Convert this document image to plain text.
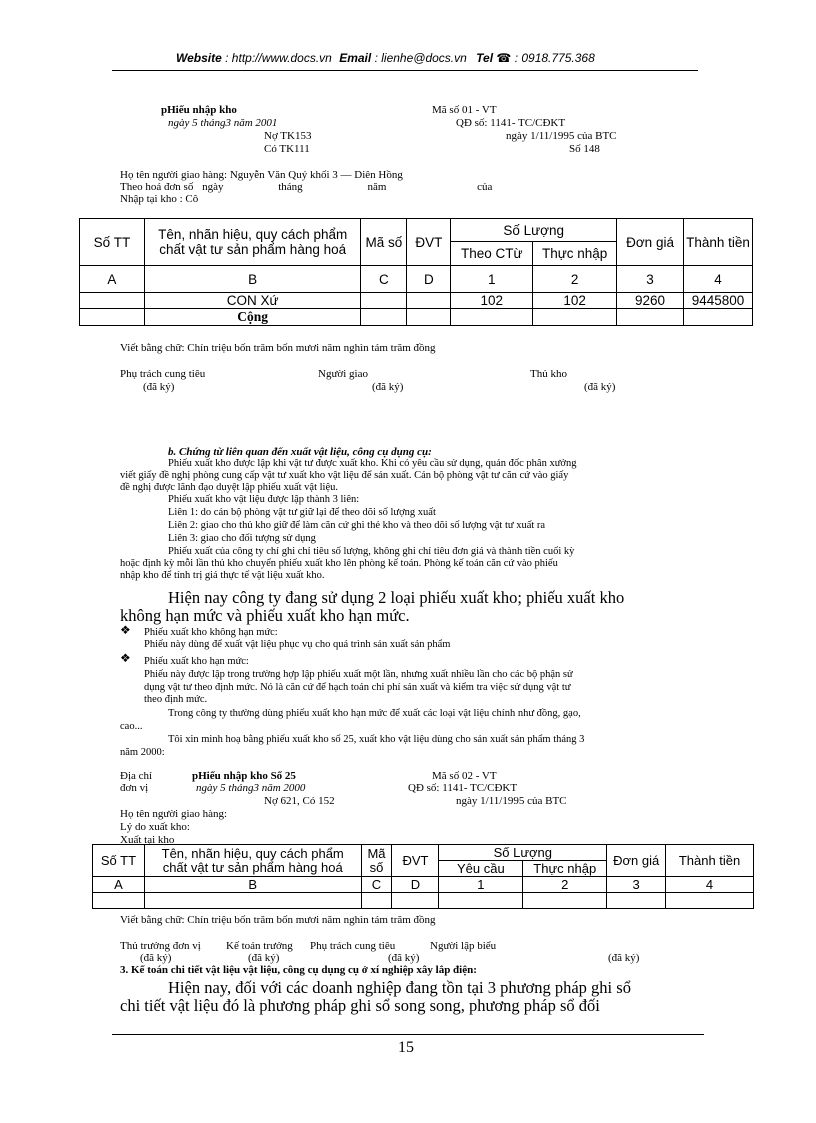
Website : http://www.docs.vn Email : lienhe@docs.vn Tel ☎ : 0918.775.368
pHiếu nhập kho
ngày 5 tháng3 năm 2001
Mã số 01 - VT
QĐ số: 1141- TC/CĐKT
Nợ TK153	ngày 1/11/1995 của BTC
Có TK111	Số 148
Họ tên người giao hàng: Nguyễn Văn Quý khối 3 — Diên Hồng
Theo hoá đơn số ngày	tháng	năm	của
Nhập tại kho : Cô
Số TT	Tên, nhãn hiệu, quy cách phẩm chất vật tư sản phẩm hàng hoá	Mã số	ĐVT	Số Lượng		Đơn giá	Thành tiền
				Theo CTừ	Thực nhập		
A	B	C	D	1	2	3	4
	CON Xứ			102	102	9260	9445800
	Cộng						
Viết bằng chữ: Chín triệu bốn trăm bốn mươi năm nghìn tám trăm đồng
Phụ trách cung tiêu	Người giao	Thủ kho
(đã ký)	(đã ký)	(đã ký)
b. Chứng từ liên quan đến xuất vật liệu, công cụ dụng cụ:
Phiếu xuất kho được lập khi vật tư được xuất kho. Khi có yêu cầu sử dụng, quản đốc phân xưởng
viết giấy đề nghị phòng cung cấp vật tư xuất kho vật liệu để sản xuất. Cán bộ phòng vật tư căn cứ vào giấy
đề nghị được lãnh đạo duyệt lập phiếu xuất vật liệu.
Phiếu xuất kho vật liệu được lập thành 3 liên:
Liên 1: do cán bộ phòng vật tư giữ lại để theo dõi số lượng xuất
Liên 2: giao cho thủ kho giữ để làm căn cứ ghi thẻ kho và theo dõi số lượng vật tư xuất ra
Liên 3: giao cho đối tượng sử dụng
Phiếu xuất của công ty chỉ ghi chỉ tiêu số lượng, không ghi chỉ tiêu đơn giá và thành tiền cuối kỳ
hoặc định kỳ mỗi lần thủ kho chuyển phiếu xuất kho lên phòng kế toán. Phòng kế toán căn cứ vào phiếu
nhập kho để tính trị giá thực tế vật liệu xuất kho.
Hiện nay công ty đang sử dụng 2 loại phiếu xuất kho; phiếu xuất kho
không hạn mức và phiếu xuất kho hạn mức.
❖ Phiếu xuất kho không hạn mức:
Phiếu này dùng để xuất vật liệu phục vụ cho quá trình sản xuất sản phẩm
❖ Phiếu xuất kho hạn mức:
Phiếu này được lập trong trường hợp lập phiếu xuất một lần, nhưng xuất nhiều lần cho các bộ phận sử
dụng vật tư theo định mức. Nó là căn cứ để hạch toán chi phí sản xuất và kiểm tra việc sử dụng vật tư
theo định mức.
Trong công ty thường dùng phiếu xuất kho hạn mức để xuất các loại vật liệu chính như đồng, gạo,
cao...
Tôi xin minh hoạ bằng phiếu xuất kho số 25, xuất kho vật liệu dùng cho sản xuất sản phẩm tháng 3
năm 2000:
Địa chỉ
đơn vị
pHiếu nhập kho Số 25
ngày 5 tháng3 năm 2000
Mã số 02 - VT
QĐ số: 1141- TC/CĐKT
Nợ 621, Có 152	ngày 1/11/1995 của BTC
Họ tên người giao hàng:
Lý do xuất kho:
Xuất tại kho
Số TT	Tên, nhãn hiệu, quy cách phẩm chất vật tư sản phẩm hàng hoá	Mã số	ĐVT	Số Lượng		Đơn giá	Thành tiền
				Yêu cầu	Thực nhập		
A	B	C	D	1	2	3	4

Viết bằng chữ: Chín triệu bốn trăm bốn mươi năm nghìn tám trăm đồng
Thủ trưởng đơn vị Kế toán trưởng Phụ trách cung tiêu	Người lập biểu
(đã ký)	(đã ký)	(đã ký)	(đã ký)
3. Kế toán chi tiết vật liệu vật liệu, công cụ dụng cụ ở xí nghiệp xây lắp điện:
Hiện nay, đối với các doanh nghiệp đang tồn tại 3 phương pháp ghi sổ
chi tiết vật liệu đó là phương pháp ghi sổ song song, phương pháp sổ đối
15
